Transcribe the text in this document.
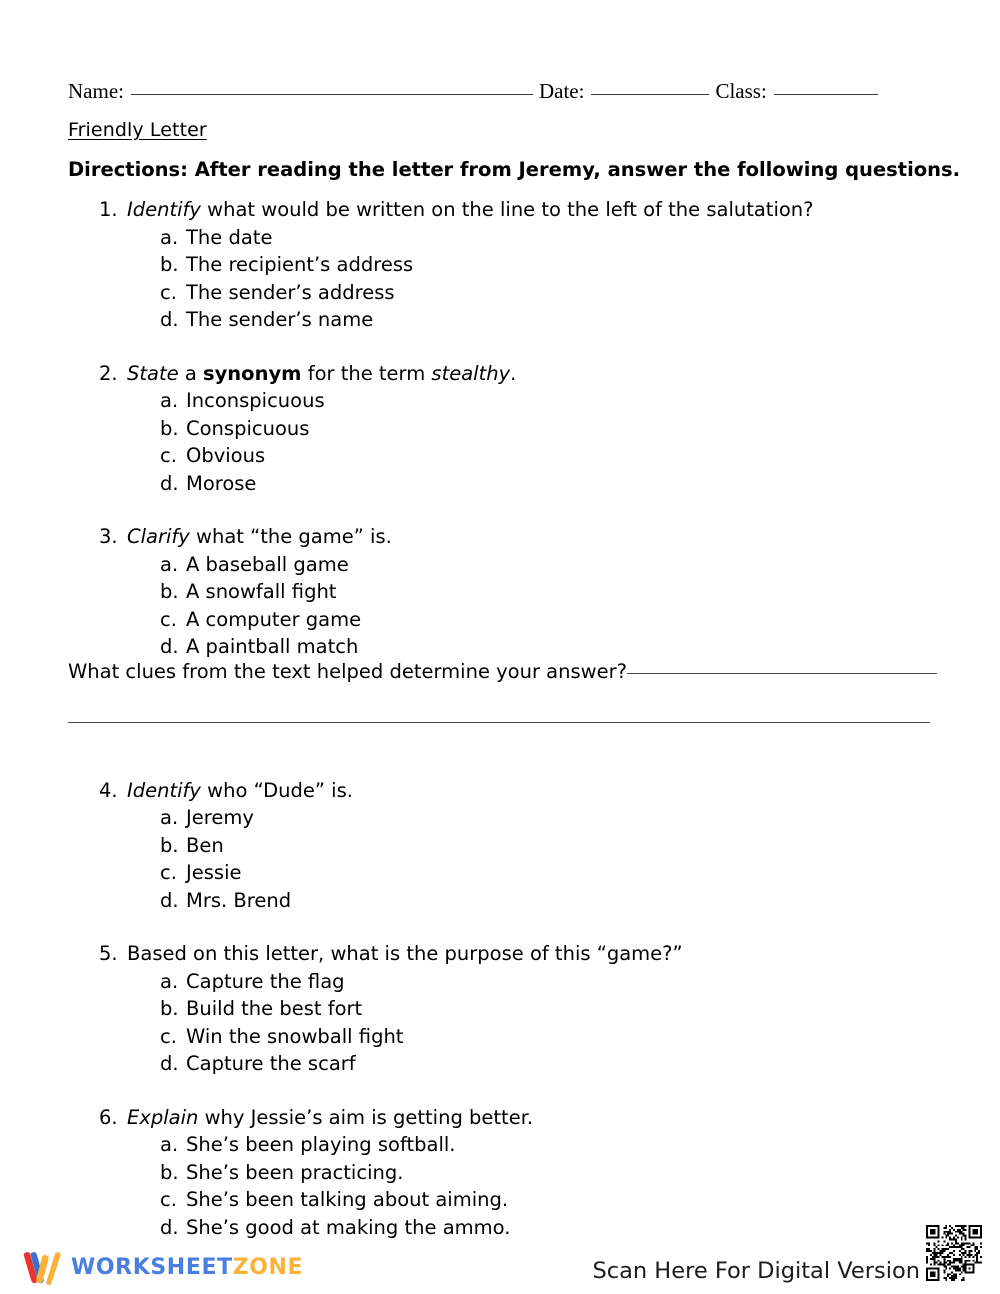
Name:	Date:	Class:
Friendly Letter
Directions: After reading the letter from Jeremy, answer the following questions.
1. Identify what would be written on the line to the left of the salutation?
a. The date
b. The recipient’s address
c. The sender’s address
d. The sender’s name
2. State a synonym for the term stealthy.
a. Inconspicuous
b. Conspicuous
c. Obvious
d. Morose
3. Clarify what “the game” is.
a. A baseball game
b. A snowfall fight
c. A computer game
d. A paintball match
4. Identify who “Dude” is.
a. Jeremy
b. Ben
c. Jessie
d. Mrs. Brend
5. Based on this letter, what is the purpose of this “game?”
a. Capture the flag
b. Build the best fort
c. Win the snowball fight
d. Capture the scarf
6. Explain why Jessie’s aim is getting better.
a. She’s been playing softball.
b. She’s been practicing.
c. She’s been talking about aiming.
d. She’s good at making the ammo.
What clues from the text helped determine your answer?
WORKSHEETZONE	Scan Here For Digital Version
